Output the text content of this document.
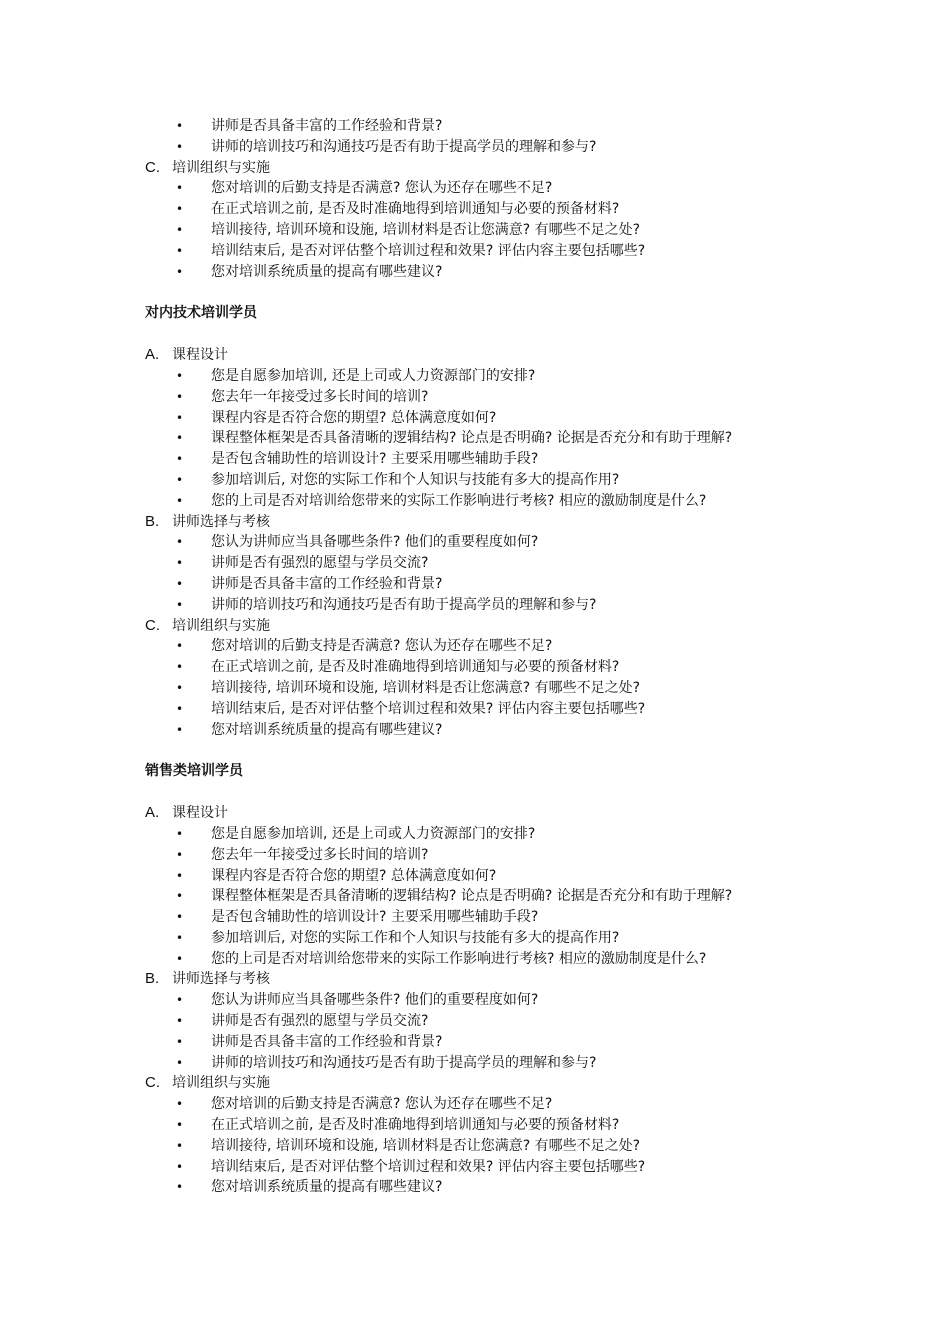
• 讲师是否具备丰富的工作经验和背景?
• 讲师的培训技巧和沟通技巧是否有助于提高学员的理解和参与?
C. 培训组织与实施
• 您对培训的后勤支持是否满意? 您认为还存在哪些不足?
• 在正式培训之前, 是否及时准确地得到培训通知与必要的预备材料?
• 培训接待, 培训环境和设施, 培训材料是否让您满意? 有哪些不足之处?
• 培训结束后, 是否对评估整个培训过程和效果? 评估内容主要包括哪些?
• 您对培训系统质量的提高有哪些建议?
对内技术培训学员
A. 课程设计
• 您是自愿参加培训, 还是上司或人力资源部门的安排?
• 您去年一年接受过多长时间的培训?
• 课程内容是否符合您的期望? 总体满意度如何?
• 课程整体框架是否具备清晰的逻辑结构? 论点是否明确? 论据是否充分和有助于理解?
• 是否包含辅助性的培训设计? 主要采用哪些辅助手段?
• 参加培训后, 对您的实际工作和个人知识与技能有多大的提高作用?
• 您的上司是否对培训给您带来的实际工作影响进行考核? 相应的激励制度是什么?
B. 讲师选择与考核
• 您认为讲师应当具备哪些条件? 他们的重要程度如何?
• 讲师是否有强烈的愿望与学员交流?
• 讲师是否具备丰富的工作经验和背景?
• 讲师的培训技巧和沟通技巧是否有助于提高学员的理解和参与?
C. 培训组织与实施
• 您对培训的后勤支持是否满意? 您认为还存在哪些不足?
• 在正式培训之前, 是否及时准确地得到培训通知与必要的预备材料?
• 培训接待, 培训环境和设施, 培训材料是否让您满意? 有哪些不足之处?
• 培训结束后, 是否对评估整个培训过程和效果? 评估内容主要包括哪些?
• 您对培训系统质量的提高有哪些建议?
销售类培训学员
A. 课程设计
• 您是自愿参加培训, 还是上司或人力资源部门的安排?
• 您去年一年接受过多长时间的培训?
• 课程内容是否符合您的期望? 总体满意度如何?
• 课程整体框架是否具备清晰的逻辑结构? 论点是否明确? 论据是否充分和有助于理解?
• 是否包含辅助性的培训设计? 主要采用哪些辅助手段?
• 参加培训后, 对您的实际工作和个人知识与技能有多大的提高作用?
• 您的上司是否对培训给您带来的实际工作影响进行考核? 相应的激励制度是什么?
B. 讲师选择与考核
• 您认为讲师应当具备哪些条件? 他们的重要程度如何?
• 讲师是否有强烈的愿望与学员交流?
• 讲师是否具备丰富的工作经验和背景?
• 讲师的培训技巧和沟通技巧是否有助于提高学员的理解和参与?
C. 培训组织与实施
• 您对培训的后勤支持是否满意? 您认为还存在哪些不足?
• 在正式培训之前, 是否及时准确地得到培训通知与必要的预备材料?
• 培训接待, 培训环境和设施, 培训材料是否让您满意? 有哪些不足之处?
• 培训结束后, 是否对评估整个培训过程和效果? 评估内容主要包括哪些?
• 您对培训系统质量的提高有哪些建议?
